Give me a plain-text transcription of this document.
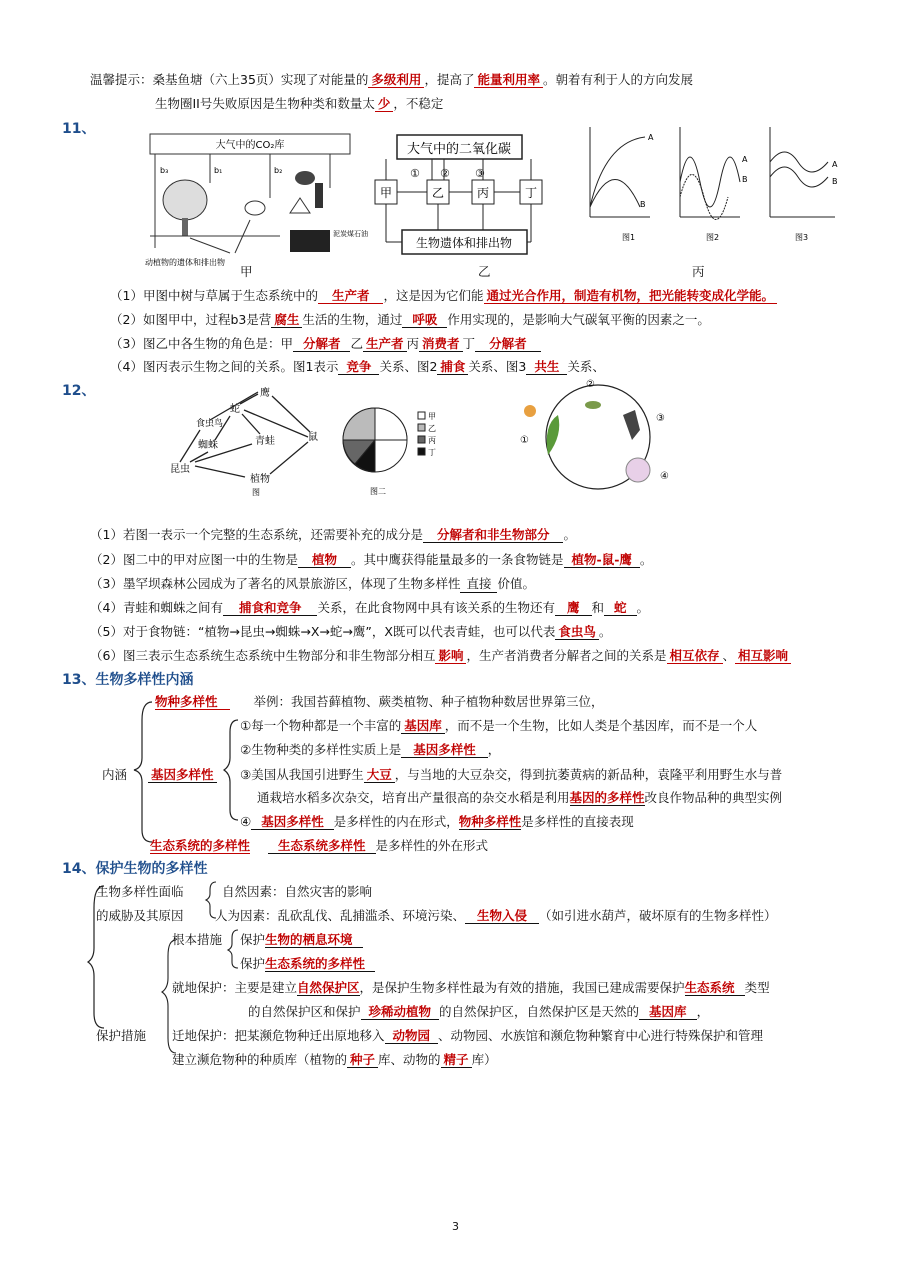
温馨提示：桑基鱼塘（六上35页）实现了对能量的 多级利用 ，提高了 能量利用率 。朝着有利于人的方向发展
生物圈II号失败原因是生物种类和数量太 少 ，不稳定
11、
大气中的CO₂库
b₃	b₁	b₂
泥炭煤石油
动植物的遗体和排出物
甲
大气中的二氧化碳
甲	乙	丙	丁
① ② ③
生物遗体和排出物
乙
A
B
图1
A
B
图2
A
B
图3
丙
（1）甲图中树与草属于生态系统中的 生产者 ，这是因为它们能 通过光合作用，制造有机物，把光能转变成化学能。
（2）如图甲中，过程b3是营 腐生 生活的生物，通过 呼吸 作用实现的，是影响大气碳氧平衡的因素之一。
（3）图乙中各生物的角色是：甲 分解者 乙 生产者 丙 消费者 丁 分解者
（4）图丙表示生物之间的关系。图1表示 竞争 关系、图2 捕食 关系、图3 共生 关系、
12、	鹰
蛇
食虫鸟
青蛙
蜘蛛
昆虫
植物
鼠
图
甲
乙
丙
丁
图二
①
②
③
④
（1）若图一表示一个完整的生态系统，还需要补充的成分是 分解者和非生物部分 。
（2）图二中的甲对应图一中的生物是 植物 。其中鹰获得能量最多的一条食物链是 植物-鼠-鹰 。
（3）墨罕坝森林公园成为了著名的风景旅游区，体现了生物多样性 直接 价值。
（4）青蛙和蜘蛛之间有 捕食和竞争 关系，在此食物网中具有该关系的生物还有 鹰 和 蛇 。
（5）对于食物链：“植物→昆虫→蜘蛛→X→蛇→鹰”，X既可以代表青蛙，也可以代表 食虫鸟 。
（6）图三表示生态系统生态系统中生物部分和非生物部分相互 影响 ，生产者消费者分解者之间的关系是 相互依存 、 相互影响
13、生物多样性内涵
内涵
物种多样性	举例：我国苔藓植物、蕨类植物、种子植物种数居世界第三位，
①每一个物种都是一个丰富的 基因库 ，而不是一个生物，比如人类是个基因库，而不是一个人
②生物种类的多样性实质上是 基因多样性 ，
基因多样性 ③美国从我国引进野生 大豆 ，与当地的大豆杂交，得到抗萎黄病的新品种，袁隆平利用野生水与普
通栽培水稻多次杂交，培育出产量很高的杂交水稻是利用基因的多样性改良作物品种的典型实例
④ 基因多样性 是多样性的内在形式，物种多样性是多样性的直接表现
生态系统的多样性 生态系统多样性 是多样性的外在形式
14、保护生物的多样性
生物多样性面临
的威胁及其原因
自然因素：自然灾害的影响
人为因素：乱砍乱伐、乱捕滥杀、环境污染、 生物入侵 （如引进水葫芦，破坏原有的生物多样性）
根本措施 保护生物的栖息环境
保护生态系统的多样性
就地保护：主要是建立自然保护区，是保护生物多样性最为有效的措施，我国已建成需要保护生态系统 类型
的自然保护区和保护 珍稀动植物 的自然保护区，自然保护区是天然的 基因库 ，
保护措施 迁地保护：把某濒危物种迁出原地移入 动物园 、动物园、水族馆和濒危物种繁育中心进行特殊保护和管理
建立濒危物种的种质库（植物的 种子 库、动物的 精子 库）
3
